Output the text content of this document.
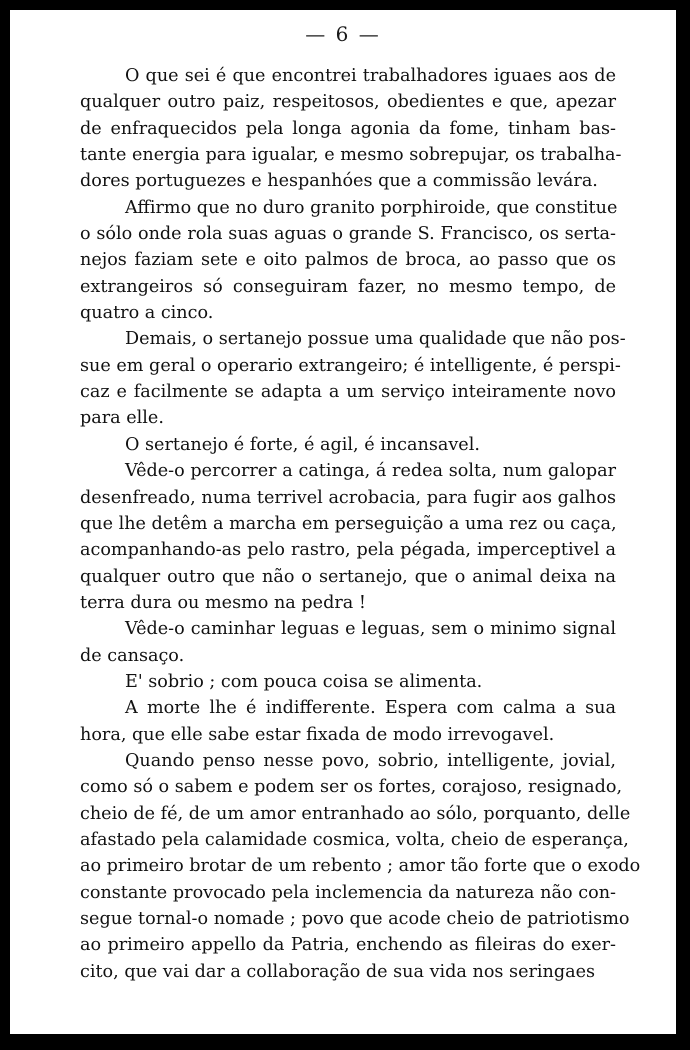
— 6 —
O que sei é que encontrei trabalhadores iguaes aos de
qualquer outro paiz, respeitosos, obedientes e que, apezar
de enfraquecidos pela longa agonia da fome, tinham bas-
tante energia para igualar, e mesmo sobrepujar, os trabalha-
dores portuguezes e hespanhóes que a commissão levára.
Affirmo que no duro granito porphiroide, que constitue
o sólo onde rola suas aguas o grande S. Francisco, os serta-
nejos faziam sete e oito palmos de broca, ao passo que os
extrangeiros só conseguiram fazer, no mesmo tempo, de
quatro a cinco.
Demais, o sertanejo possue uma qualidade que não pos-
sue em geral o operario extrangeiro; é intelligente, é perspi-
caz e facilmente se adapta a um serviço inteiramente novo
para elle.
O sertanejo é forte, é agil, é incansavel.
Vêde-o percorrer a catinga, á redea solta, num galopar
desenfreado, numa terrivel acrobacia, para fugir aos galhos
que lhe detêm a marcha em perseguição a uma rez ou caça,
acompanhando-as pelo rastro, pela pégada, imperceptivel a
qualquer outro que não o sertanejo, que o animal deixa na
terra dura ou mesmo na pedra !
Vêde-o caminhar leguas e leguas, sem o minimo signal
de cansaço.
E' sobrio ; com pouca coisa se alimenta.
A morte lhe é indifferente. Espera com calma a sua
hora, que elle sabe estar fixada de modo irrevogavel.
Quando penso nesse povo, sobrio, intelligente, jovial,
como só o sabem e podem ser os fortes, corajoso, resignado,
cheio de fé, de um amor entranhado ao sólo, porquanto, delle
afastado pela calamidade cosmica, volta, cheio de esperança,
ao primeiro brotar de um rebento ; amor tão forte que o exodo
constante provocado pela inclemencia da natureza não con-
segue tornal-o nomade ; povo que acode cheio de patriotismo
ao primeiro appello da Patria, enchendo as fileiras do exer-
cito, que vai dar a collaboração de sua vida nos seringaes
